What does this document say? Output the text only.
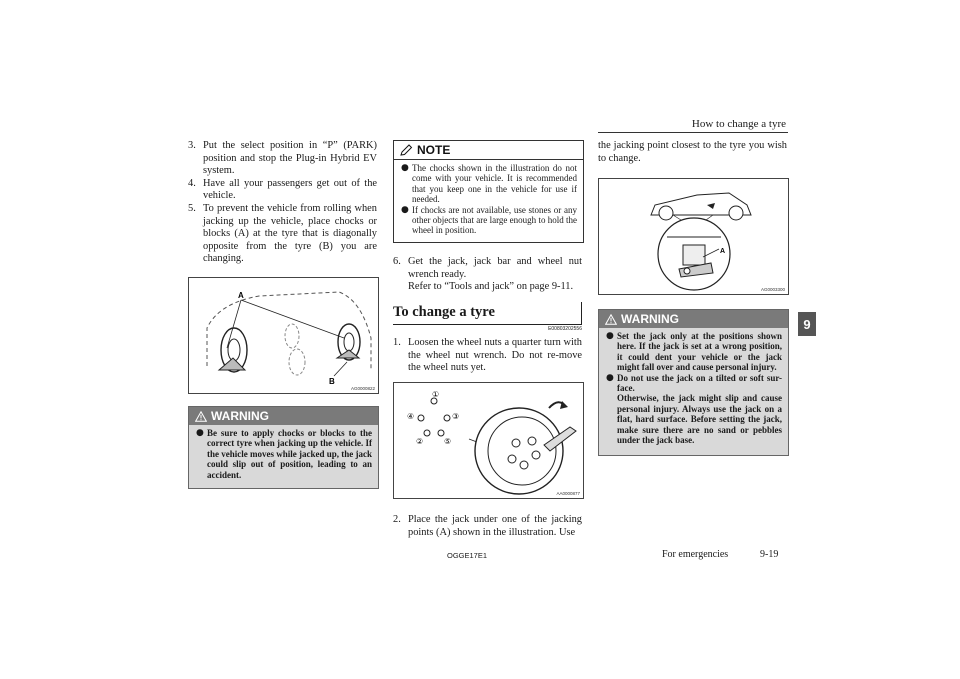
How to change a tyre
9
3. Put the select position in “P” (PARK) position and stop the Plug-in Hybrid EV system.

4. Have all your passengers get out of the vehicle.

5. To prevent the vehicle from rolling when jacking up the vehicle, place chocks or blocks (A) at the tyre that is diagonally opposite from the tyre (B) you are changing.

A
B
AG0000822
WARNING
● Be sure to apply chocks or blocks to the correct tyre when jacking up the vehicle. If the vehicle moves while jacked up, the jack could slip out of position, leading to an accident.

NOTE
● The chocks shown in the illustration do not come with your vehicle. It is recommended that you keep one in the vehicle for use if needed.

● If chocks are not available, use stones or any other objects that are large enough to hold the wheel in position.

6. Get the jack, jack bar and wheel nut wrench ready.

Refer to “Tools and jack” on page 9-11.

To change a tyre
E00803202556
1. Loosen the wheel nuts a quarter turn with the wheel nut wrench. Do not re-move the wheel nuts yet.

①
②
③
④
⑤
AA0000877
2. Place the jack under one of the jacking points (A) shown in the illustration. Use

the jacking point closest to the tyre you wish to change.

A
AG0003300
WARNING
● Set the jack only at the positions shown here. If the jack is set at a wrong position, it could dent your vehicle or the jack might fall over and cause personal injury.

● Do not use the jack on a tilted or soft sur-face.
Otherwise, the jack might slip and cause personal injury. Always use the jack on a flat, hard surface. Before setting the jack, make sure there are no sand or pebbles under the jack base.

OGGE17E1	For emergencies	9-19
